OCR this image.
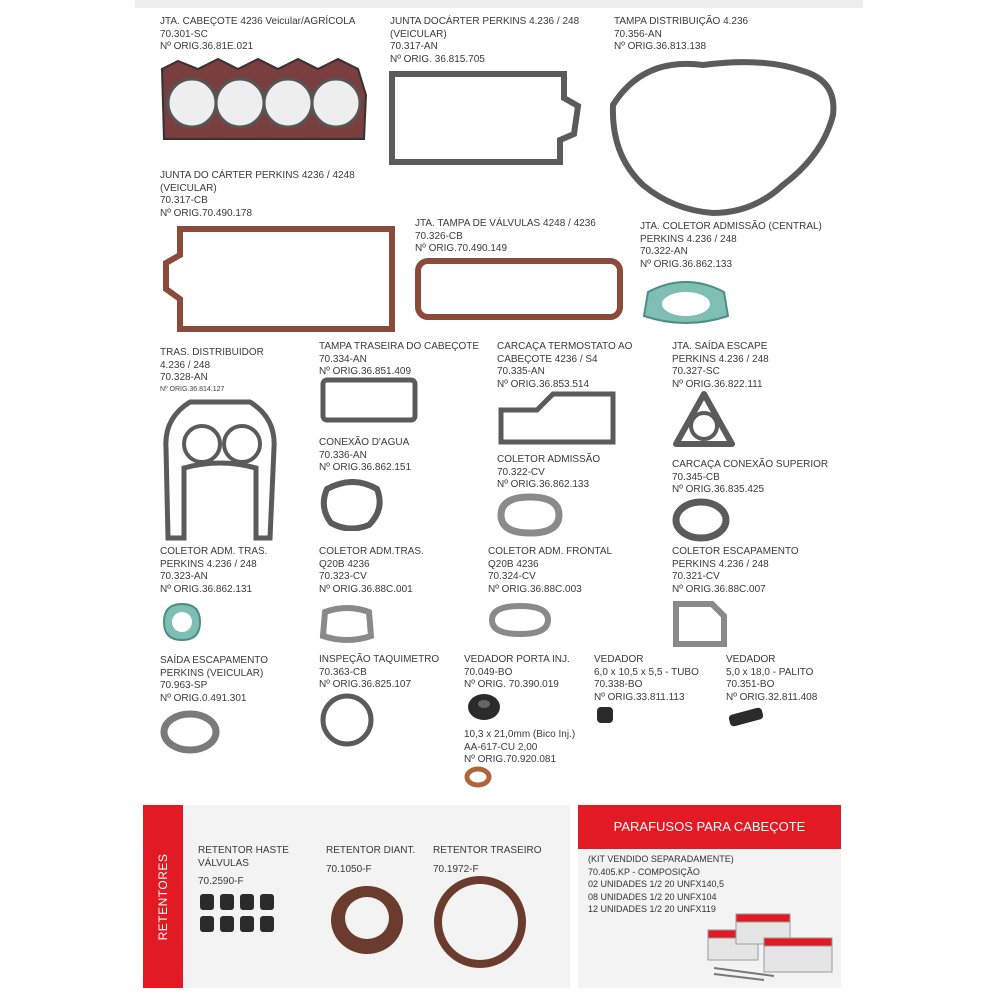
JTA. CABEÇOTE 4236 Veicular/AGRÍCOLA
70.301-SC
Nº ORIG.36.81E.021
JUNTA DOCÁRTER PERKINS 4.236 / 248
(VEICULAR)
70.317-AN
Nº ORIG. 36.815.705
TAMPA DISTRIBUIÇÃO 4.236
70.356-AN
Nº ORIG.36.813.138
JUNTA DO CÁRTER PERKINS 4236 / 4248
(VEICULAR)
70.317-CB
Nº ORIG.70.490.178
JTA. TAMPA DE VÁLVULAS 4248 / 4236
70.326-CB
Nº ORIG.70.490.149
JTA. COLETOR ADMISSÃO (CENTRAL)
PERKINS 4.236 / 248
70.322-AN
Nº ORIG.36.862.133
TRAS. DISTRIBUIDOR
4.236 / 248
70.328-AN
Nº ORIG.36.814.127
TAMPA TRASEIRA DO CABEÇOTE
70.334-AN
Nº ORIG.36.851.409
CONEXÃO D'AGUA
70.336-AN
Nº ORIG.36.862.151
CARCAÇA TERMOSTATO AO
CABEÇOTE 4236 / S4
70.335-AN
Nº ORIG.36.853.514
COLETOR ADMISSÃO
70.322-CV
Nº ORIG.36.862.133
JTA. SAÍDA ESCAPE
PERKINS 4.236 / 248
70.327-SC
Nº ORIG.36.822.111
CARCAÇA CONEXÃO SUPERIOR
70.345-CB
Nº ORIG.36.835.425
COLETOR ADM. TRAS.
PERKINS 4.236 / 248
70.323-AN
Nº ORIG.36.862.131
COLETOR ADM.TRAS.
Q20B 4236
70.323-CV
Nº ORIG.36.88C.001
COLETOR ADM. FRONTAL
Q20B 4236
70.324-CV
Nº ORIG.36.88C.003
COLETOR ESCAPAMENTO
PERKINS 4.236 / 248
70.321-CV
Nº ORIG.36.88C.007
SAÍDA ESCAPAMENTO
PERKINS (VEICULAR)
70.963-SP
Nº ORIG.0.491.301
INSPEÇÃO TAQUIMETRO
70.363-CB
Nº ORIG.36.825.107
VEDADOR PORTA INJ.
70.049-BO
Nº ORIG. 70.390.019
10,3 x 21,0mm (Bico Inj.)
AA-617-CU 2,00
Nº ORIG.70.920.081
VEDADOR
6,0 x 10,5 x 5,5 - TUBO
70.338-BO
Nº ORIG.33.811.113
VEDADOR
5,0 x 18,0 - PALITO
70.351-BO
Nº ORIG.32.811.408
RETENTORES
RETENTOR HASTE
VÁLVULAS
70.2590-F
RETENTOR DIANT.
70.1050-F
RETENTOR TRASEIRO
70.1972-F
PARAFUSOS PARA CABEÇOTE
(KIT VENDIDO SEPARADAMENTE)
70.405.KP - COMPOSIÇÃO
02 UNIDADES 1/2 20 UNFX140,5
08 UNIDADES 1/2 20 UNFX104
12 UNIDADES 1/2 20 UNFX119
